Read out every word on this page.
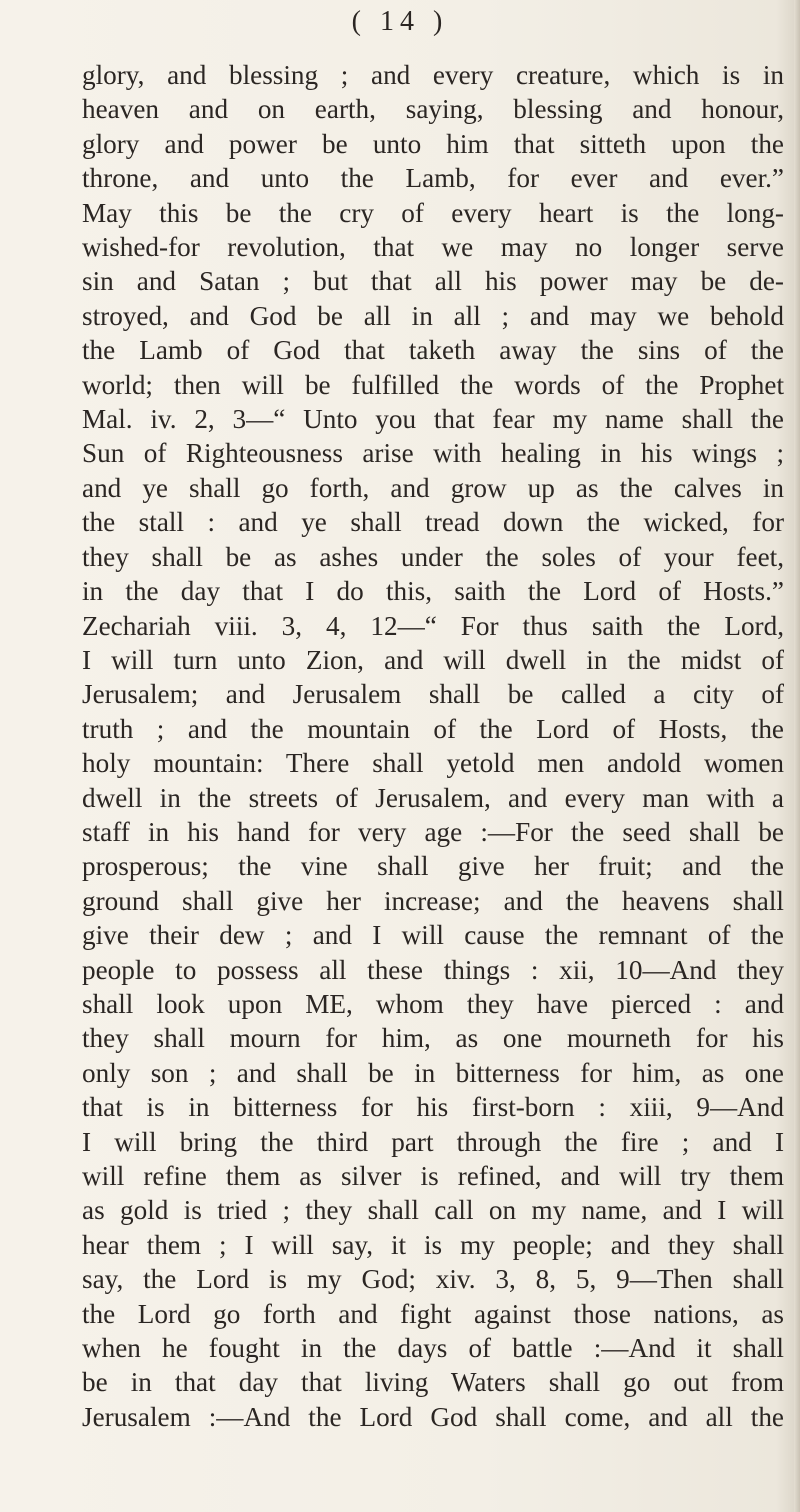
( 14 )
glory, and blessing ; and every creature, which is in
heaven and on earth, saying, blessing and honour,
glory and power be unto him that sitteth upon the
throne, and unto the Lamb, for ever and ever.”
May this be the cry of every heart is the long-
wished-for revolution, that we may no longer serve
sin and Satan ; but that all his power may be de-
stroyed, and God be all in all ; and may we behold
the Lamb of God that taketh away the sins of the
world; then will be fulfilled the words of the Prophet
Mal. iv. 2, 3—“ Unto you that fear my name shall the
Sun of Righteousness arise with healing in his wings ;
and ye shall go forth, and grow up as the calves in
the stall : and ye shall tread down the wicked, for
they shall be as ashes under the soles of your feet,
in the day that I do this, saith the Lord of Hosts.”
Zechariah viii. 3, 4, 12—“ For thus saith the Lord,
I will turn unto Zion, and will dwell in the midst of
Jerusalem; and Jerusalem shall be called a city of
truth ; and the mountain of the Lord of Hosts, the
holy mountain: There shall yetold men andold women
dwell in the streets of Jerusalem, and every man with a
staff in his hand for very age :—For the seed shall be
prosperous; the vine shall give her fruit; and the
ground shall give her increase; and the heavens shall
give their dew ; and I will cause the remnant of the
people to possess all these things : xii, 10—And they
shall look upon ME, whom they have pierced : and
they shall mourn for him, as one mourneth for his
only son ; and shall be in bitterness for him, as one
that is in bitterness for his first-born : xiii, 9—And
I will bring the third part through the fire ; and I
will refine them as silver is refined, and will try them
as gold is tried ; they shall call on my name, and I will
hear them ; I will say, it is my people; and they shall
say, the Lord is my God; xiv. 3, 8, 5, 9—Then shall
the Lord go forth and fight against those nations, as
when he fought in the days of battle :—And it shall
be in that day that living Waters shall go out from
Jerusalem :—And the Lord God shall come, and all the
